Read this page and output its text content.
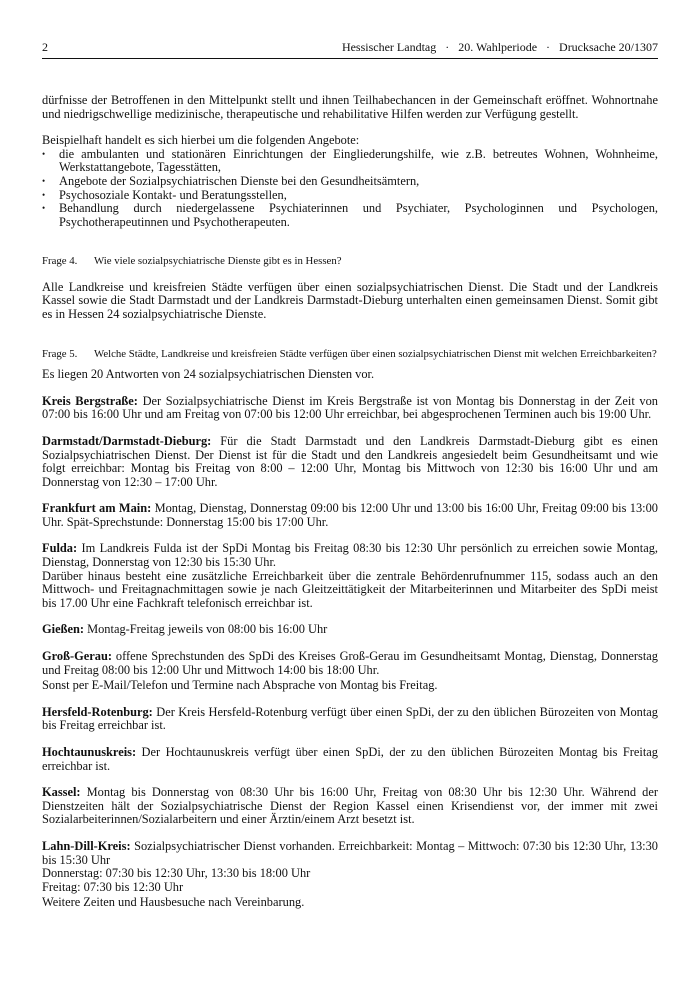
2	Hessischer Landtag   ·   20. Wahlperiode   ·   Drucksache 20/1307

dürfnisse der Betroffenen in den Mittelpunkt stellt und ihnen Teilhabechancen in der Gemeinschaft eröffnet. Wohnortnahe und niedrigschwellige medizinische, therapeutische und rehabilitative Hilfen werden zur Verfügung gestellt.

Beispielhaft handelt es sich hierbei um die folgenden Angebote:

• die ambulanten und stationären Einrichtungen der Eingliederungshilfe, wie z.B. betreutes Wohnen, Wohnheime, Werkstattangebote, Tagesstätten,
• Angebote der Sozialpsychiatrischen Dienste bei den Gesundheitsämtern,
• Psychosoziale Kontakt- und Beratungsstellen,
• Behandlung durch niedergelassene Psychiaterinnen und Psychiater, Psychologinnen und Psychologen, Psychotherapeutinnen und Psychotherapeuten.
Frage 4.	Wie viele sozialpsychiatrische Dienste gibt es in Hessen?

Alle Landkreise und kreisfreien Städte verfügen über einen sozialpsychiatrischen Dienst. Die Stadt und der Landkreis Kassel sowie die Stadt Darmstadt und der Landkreis Darmstadt-Dieburg unterhalten einen gemeinsamen Dienst. Somit gibt es in Hessen 24 sozialpsychiatrische Dienste.

Frage 5.	Welche Städte, Landkreise und kreisfreien Städte verfügen über einen sozialpsychiatrischen Dienst mit welchen Erreichbarkeiten?

Es liegen 20 Antworten von 24 sozialpsychiatrischen Diensten vor.

Kreis Bergstraße: Der Sozialpsychiatrische Dienst im Kreis Bergstraße ist von Montag bis Donnerstag in der Zeit von 07:00 bis 16:00 Uhr und am Freitag von 07:00 bis 12:00 Uhr erreichbar, bei abgesprochenen Terminen auch bis 19:00 Uhr.

Darmstadt/Darmstadt-Dieburg: Für die Stadt Darmstadt und den Landkreis Darmstadt-Dieburg gibt es einen Sozialpsychiatrischen Dienst. Der Dienst ist für die Stadt und den Landkreis angesiedelt beim Gesundheitsamt und wie folgt erreichbar: Montag bis Freitag von 8:00 – 12:00 Uhr, Montag bis Mittwoch von 12:30 bis 16:00 Uhr und am Donnerstag von 12:30 – 17:00 Uhr.

Frankfurt am Main: Montag, Dienstag, Donnerstag 09:00 bis 12:00 Uhr und 13:00 bis 16:00 Uhr, Freitag 09:00 bis 13:00 Uhr. Spät-Sprechstunde: Donnerstag 15:00 bis 17:00 Uhr.

Fulda: Im Landkreis Fulda ist der SpDi Montag bis Freitag 08:30 bis 12:30 Uhr persönlich zu erreichen sowie Montag, Dienstag, Donnerstag von 12:30 bis 15:30 Uhr.

Darüber hinaus besteht eine zusätzliche Erreichbarkeit über die zentrale Behördenrufnummer 115, sodass auch an den Mittwoch- und Freitagnachmittagen sowie je nach Gleitzeittätigkeit der Mitarbeiterinnen und Mitarbeiter des SpDi meist bis 17.00 Uhr eine Fachkraft telefonisch erreichbar ist.

Gießen: Montag-Freitag jeweils von 08:00 bis 16:00 Uhr

Groß-Gerau: offene Sprechstunden des SpDi des Kreises Groß-Gerau im Gesundheitsamt Montag, Dienstag, Donnerstag und Freitag 08:00 bis 12:00 Uhr und Mittwoch 14:00 bis 18:00 Uhr.

Sonst per E-Mail/Telefon und Termine nach Absprache von Montag bis Freitag.

Hersfeld-Rotenburg: Der Kreis Hersfeld-Rotenburg verfügt über einen SpDi, der zu den üblichen Bürozeiten von Montag bis Freitag erreichbar ist.

Hochtaunuskreis: Der Hochtaunuskreis verfügt über einen SpDi, der zu den üblichen Bürozeiten Montag bis Freitag erreichbar ist.

Kassel: Montag bis Donnerstag von 08:30 Uhr bis 16:00 Uhr, Freitag von 08:30 Uhr bis 12:30 Uhr. Während der Dienstzeiten hält der Sozialpsychiatrische Dienst der Region Kassel einen Krisendienst vor, der immer mit zwei Sozialarbeiterinnen/Sozialarbeitern und einer Ärztin/einem Arzt besetzt ist.

Lahn-Dill-Kreis: Sozialpsychiatrischer Dienst vorhanden. Erreichbarkeit: Montag – Mittwoch: 07:30 bis 12:30 Uhr, 13:30 bis 15:30 Uhr

Donnerstag: 07:30 bis 12:30 Uhr, 13:30 bis 18:00 Uhr

Freitag: 07:30 bis 12:30 Uhr

Weitere Zeiten und Hausbesuche nach Vereinbarung.
